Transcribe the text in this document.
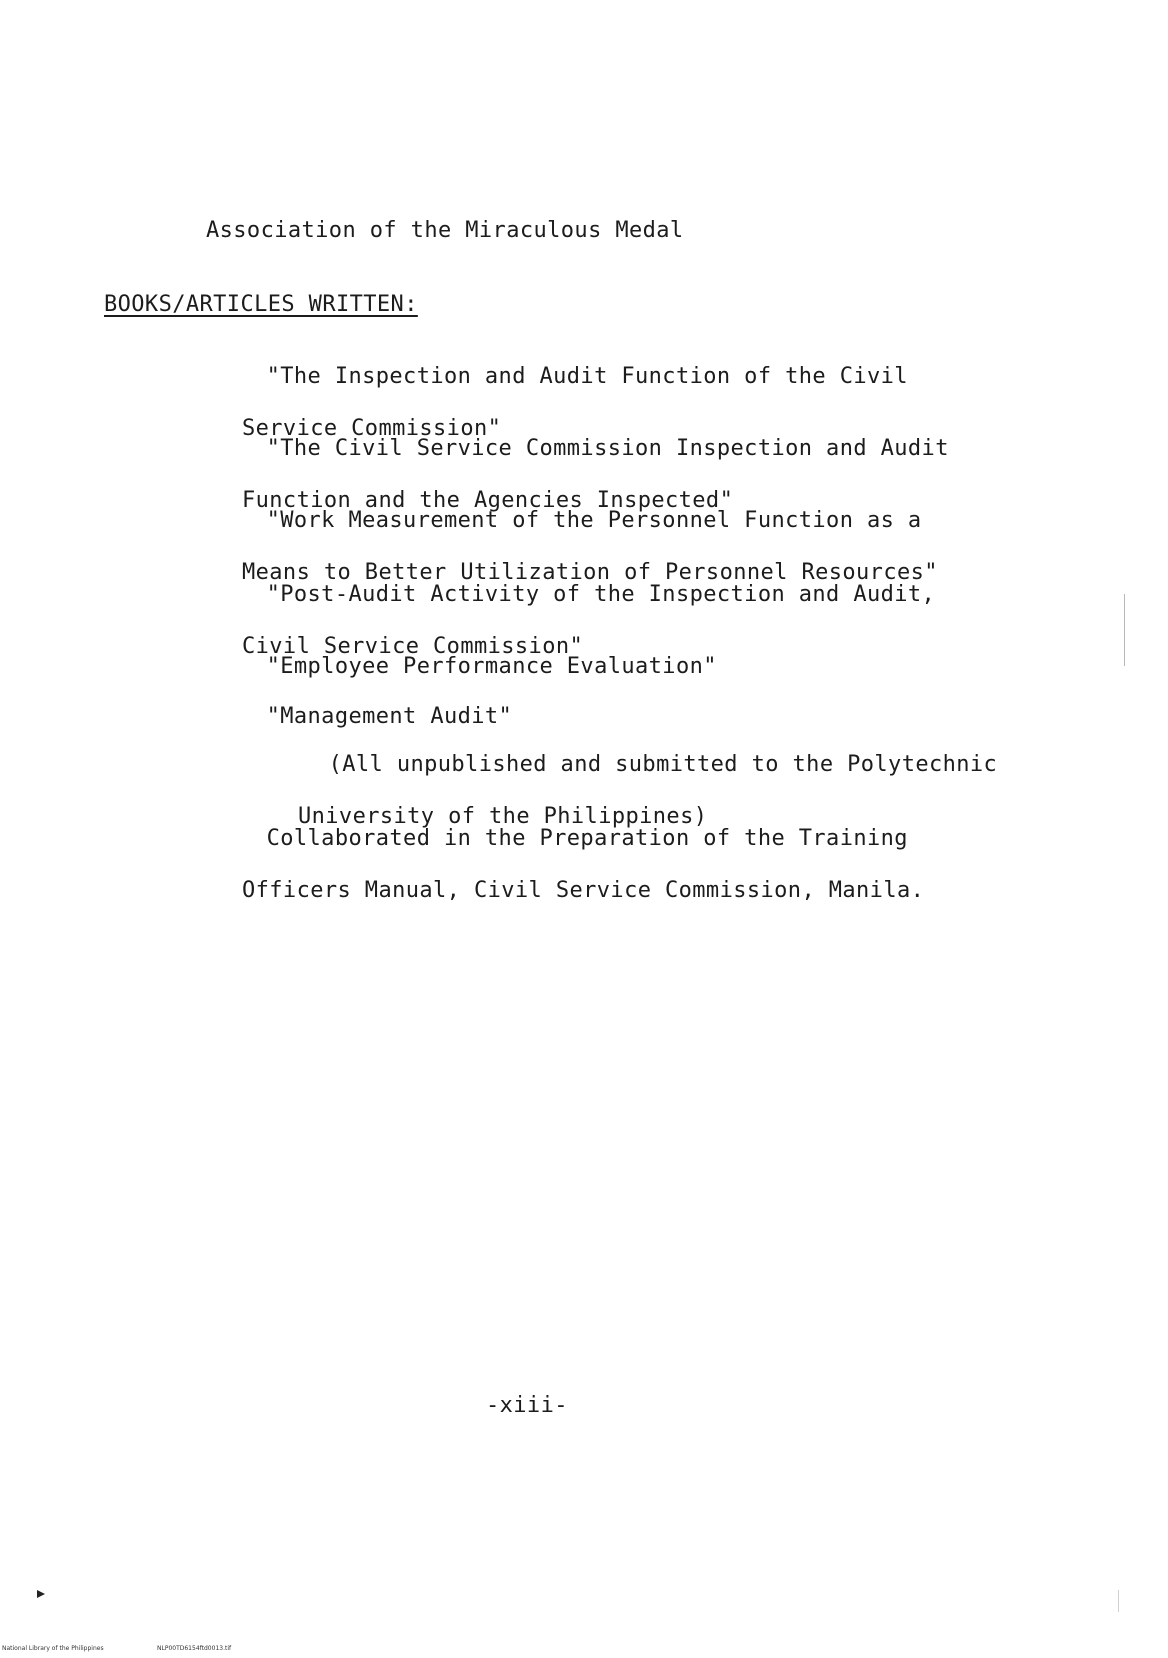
Association of the Miraculous Medal
BOOKS/ARTICLES WRITTEN:

"The Inspection and Audit Function of the Civil

Service Commission"

"The Civil Service Commission Inspection and Audit

Function and the Agencies Inspected"

"Work Measurement of the Personnel Function as a

Means to Better Utilization of Personnel Resources"

"Post-Audit Activity of the Inspection and Audit,

Civil Service Commission"

"Employee Performance Evaluation"

"Management Audit"

(All unpublished and submitted to the Polytechnic

University of the Philippines)

Collaborated in the Preparation of the Training

Officers Manual, Civil Service Commission, Manila.

-xiii-
National Library of the Philippines	NLP00TD6154ftd0013.tif
